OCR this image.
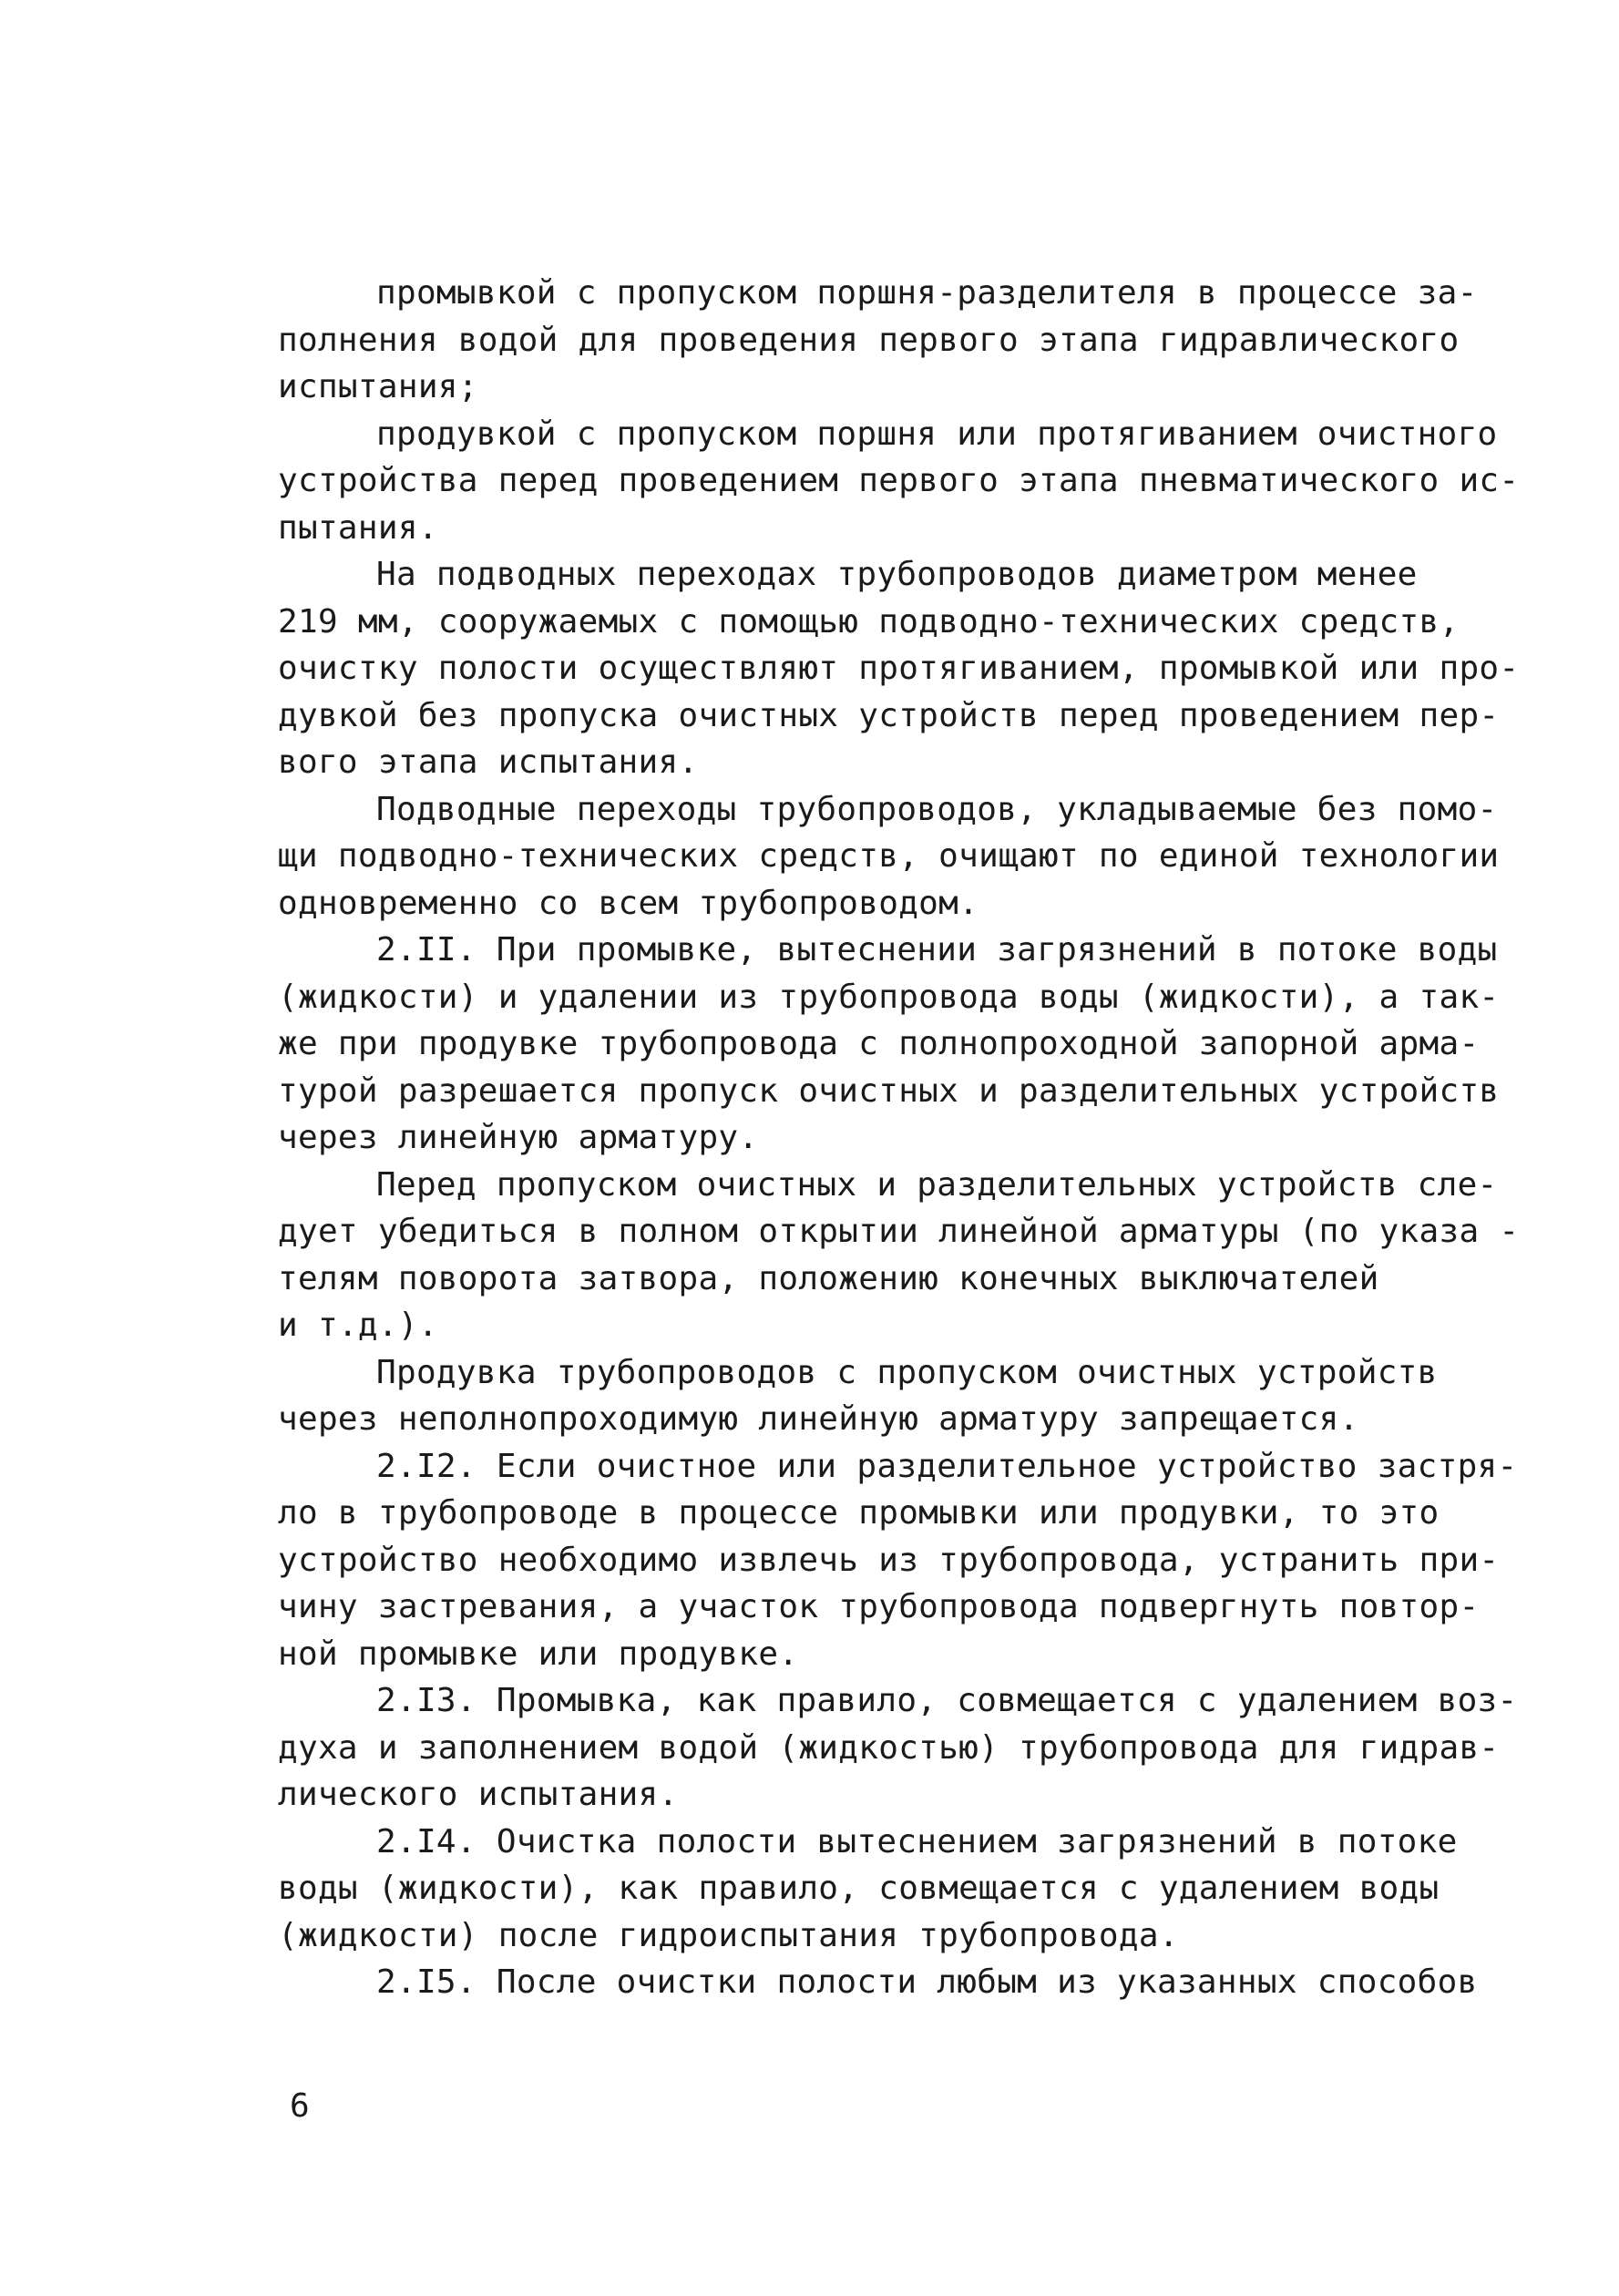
промывкой с пропуском поршня-разделителя в процессе за-
полнения водой для проведения первого этапа гидравлического
испытания;
продувкой с пропуском поршня или протягиванием очистного
устройства перед проведением первого этапа пневматического ис-
пытания.
На подводных переходах трубопроводов диаметром менее
219 мм, сооружаемых с помощью подводно-технических средств,
очистку полости осуществляют протягиванием, промывкой или про-
дувкой без пропуска очистных устройств перед проведением пер-
вого этапа испытания.
Подводные переходы трубопроводов, укладываемые без помо-
щи подводно-технических средств, очищают по единой технологии
одновременно со всем трубопроводом.
2.II. При промывке, вытеснении загрязнений в потоке воды
(жидкости) и удалении из трубопровода воды (жидкости), а так-
же при продувке трубопровода с полнопроходной запорной арма-
турой разрешается пропуск очистных и разделительных устройств
через линейную арматуру.
Перед пропуском очистных и разделительных устройств сле-
дует убедиться в полном открытии линейной арматуры (по указа -
телям поворота затвора, положению конечных выключателей
и т.д.).
Продувка трубопроводов с пропуском очистных устройств
через неполнопроходимую линейную арматуру запрещается.
2.I2. Если очистное или разделительное устройство застря-
ло в трубопроводе в процессе промывки или продувки, то это
устройство необходимо извлечь из трубопровода, устранить при-
чину застревания, а участок трубопровода подвергнуть повтор-
ной промывке или продувке.
2.I3. Промывка, как правило, совмещается с удалением воз-
духа и заполнением водой (жидкостью) трубопровода для гидрав-
лического испытания.
2.I4. Очистка полости вытеснением загрязнений в потоке
воды (жидкости), как правило, совмещается с удалением воды
(жидкости) после гидроиспытания трубопровода.
2.I5. После очистки полости любым из указанных способов
6
